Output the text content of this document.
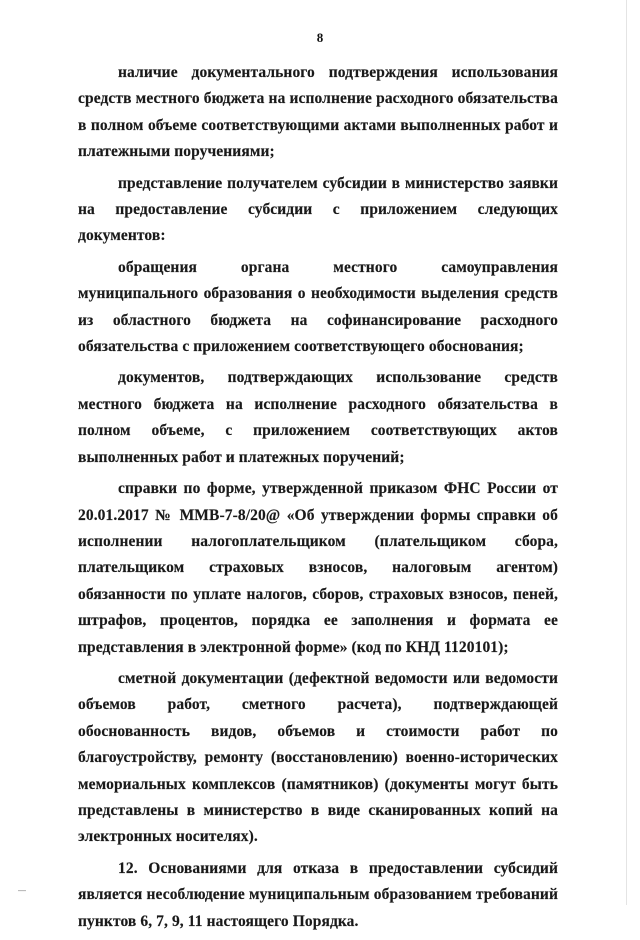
8

наличие документального подтверждения использования средств местного бюджета на исполнение расходного обязательства в полном объеме соответствующими актами выполненных работ и платежными поручениями;

представление получателем субсидии в министерство заявки на предоставление субсидии с приложением следующих документов:

обращения органа местного самоуправления муниципального образования о необходимости выделения средств из областного бюджета на софинансирование расходного обязательства с приложением соответствующего обоснования;

документов, подтверждающих использование средств местного бюджета на исполнение расходного обязательства в полном объеме, с приложением соответствующих актов выполненных работ и платежных поручений;

справки по форме, утвержденной приказом ФНС России от 20.01.2017 № ММВ-7-8/20@ «Об утверждении формы справки об исполнении налогоплательщиком (плательщиком сбора, плательщиком страховых взносов, налоговым агентом) обязанности по уплате налогов, сборов, страховых взносов, пеней, штрафов, процентов, порядка ее заполнения и формата ее представления в электронной форме» (код по КНД 1120101);

сметной документации (дефектной ведомости или ведомости объемов работ, сметного расчета), подтверждающей обоснованность видов, объемов и стоимости работ по благоустройству, ремонту (восстановлению) военно-исторических мемориальных комплексов (памятников) (документы могут быть представлены в министерство в виде сканированных копий на электронных носителях).

12. Основаниями для отказа в предоставлении субсидий является несоблюдение муниципальным образованием требований пунктов 6, 7, 9, 11 настоящего Порядка.

—
